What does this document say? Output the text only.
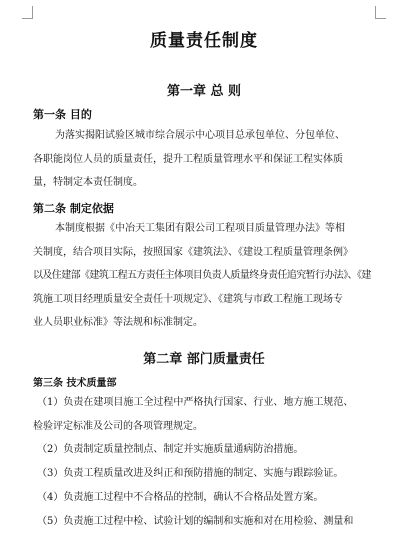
质量责任制度
第一章 总 则
第一条 目的
为落实揭阳试验区城市综合展示中心项目总承包单位、分包单位、
各职能岗位人员的质量责任，提升工程质量管理水平和保证工程实体质
量，特制定本责任制度。
第二条 制定依据
本制度根据《中冶天工集团有限公司工程项目质量管理办法》等相
关制度，结合项目实际，按照国家《建筑法》、《建设工程质量管理条例》
以及住建部《建筑工程五方责任主体项目负责人质量终身责任追究暂行办法》、《建
筑施工项目经理质量安全责任十项规定》、《建筑与市政工程施工现场专
业人员职业标准》等法规和标准制定。
第二章 部门质量责任
第三条 技术质量部
（1）负责在建项目施工全过程中严格执行国家、行业、地方施工规范、
检验评定标准及公司的各项管理规定。
（2）负责制定质量控制点、制定并实施质量通病防治措施。
（3）负责工程质量改进及纠正和预防措施的制定、实施与跟踪验证。
（4）负责施工过程中不合格品的控制，确认不合格品处置方案。
（5）负责施工过程中检、试验计划的编制和实施和对在用检验、测量和
